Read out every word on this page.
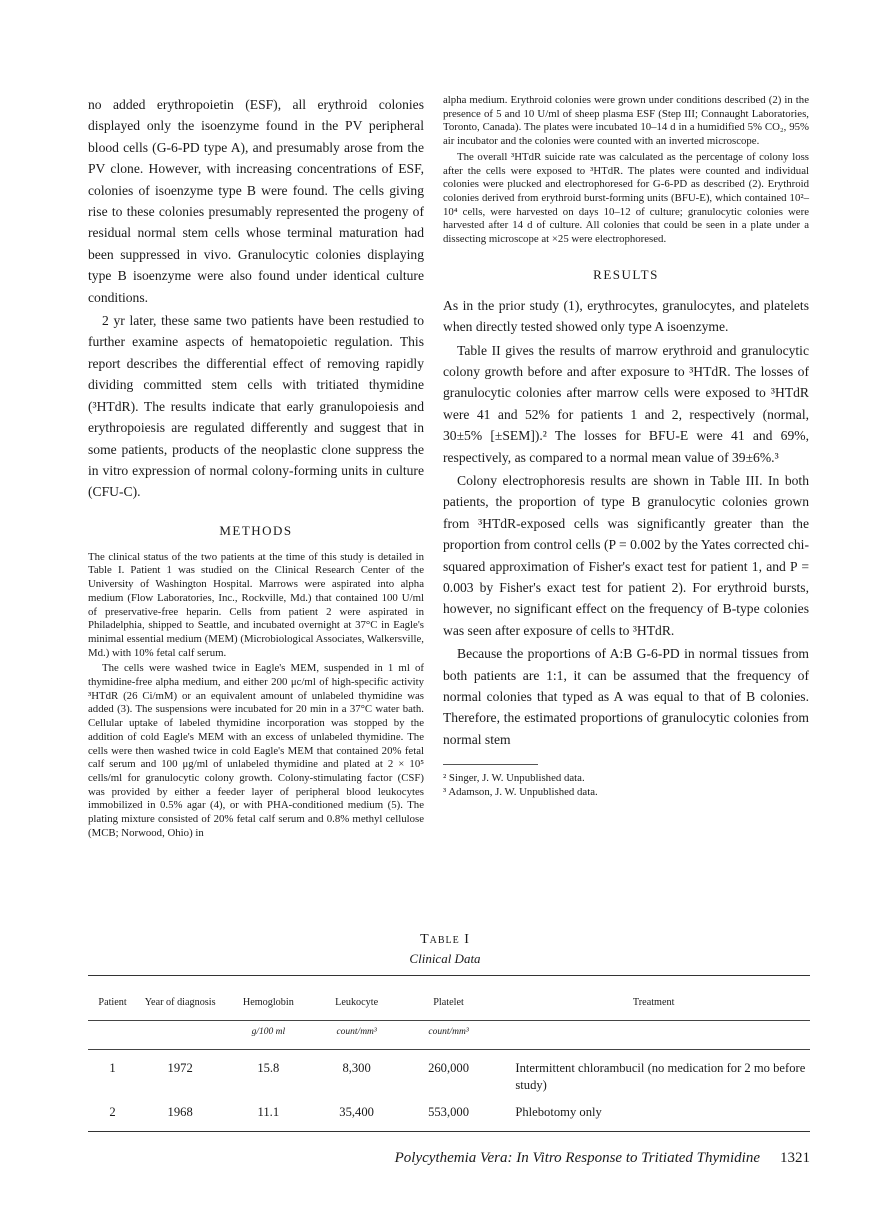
no added erythropoietin (ESF), all erythroid colonies displayed only the isoenzyme found in the PV peripheral blood cells (G-6-PD type A), and presumably arose from the PV clone. However, with increasing concentrations of ESF, colonies of isoenzyme type B were found. The cells giving rise to these colonies presumably represented the progeny of residual normal stem cells whose terminal maturation had been suppressed in vivo. Granulocytic colonies displaying type B isoenzyme were also found under identical culture conditions.

2 yr later, these same two patients have been restudied to further examine aspects of hematopoietic regulation. This report describes the differential effect of removing rapidly dividing committed stem cells with tritiated thymidine (³HTdR). The results indicate that early granulopoiesis and erythropoiesis are regulated differently and suggest that in some patients, products of the neoplastic clone suppress the in vitro expression of normal colony-forming units in culture (CFU-C).

METHODS

The clinical status of the two patients at the time of this study is detailed in Table I. Patient 1 was studied on the Clinical Research Center of the University of Washington Hospital. Marrows were aspirated into alpha medium (Flow Laboratories, Inc., Rockville, Md.) that contained 100 U/ml of preservative-free heparin. Cells from patient 2 were aspirated in Philadelphia, shipped to Seattle, and incubated overnight at 37°C in Eagle's minimal essential medium (MEM) (Microbiological Associates, Walkersville, Md.) with 10% fetal calf serum.

The cells were washed twice in Eagle's MEM, suspended in 1 ml of thymidine-free alpha medium, and either 200 μc/ml of high-specific activity ³HTdR (26 Ci/mM) or an equivalent amount of unlabeled thymidine was added (3). The suspensions were incubated for 20 min in a 37°C water bath. Cellular uptake of labeled thymidine incorporation was stopped by the addition of cold Eagle's MEM with an excess of unlabeled thymidine. The cells were then washed twice in cold Eagle's MEM that contained 20% fetal calf serum and 100 μg/ml of unlabeled thymidine and plated at 2 × 10⁵ cells/ml for granulocytic colony growth. Colony-stimulating factor (CSF) was provided by either a feeder layer of peripheral blood leukocytes immobilized in 0.5% agar (4), or with PHA-conditioned medium (5). The plating mixture consisted of 20% fetal calf serum and 0.8% methyl cellulose (MCB; Norwood, Ohio) in

alpha medium. Erythroid colonies were grown under conditions described (2) in the presence of 5 and 10 U/ml of sheep plasma ESF (Step III; Connaught Laboratories, Toronto, Canada). The plates were incubated 10–14 d in a humidified 5% CO₂, 95% air incubator and the colonies were counted with an inverted microscope.

The overall ³HTdR suicide rate was calculated as the percentage of colony loss after the cells were exposed to ³HTdR. The plates were counted and individual colonies were plucked and electrophoresed for G-6-PD as described (2). Erythroid colonies derived from erythroid burst-forming units (BFU-E), which contained 10²–10⁴ cells, were harvested on days 10–12 of culture; granulocytic colonies were harvested after 14 d of culture. All colonies that could be seen in a plate under a dissecting microscope at ×25 were electrophoresed.

RESULTS

As in the prior study (1), erythrocytes, granulocytes, and platelets when directly tested showed only type A isoenzyme.

Table II gives the results of marrow erythroid and granulocytic colony growth before and after exposure to ³HTdR. The losses of granulocytic colonies after marrow cells were exposed to ³HTdR were 41 and 52% for patients 1 and 2, respectively (normal, 30±5% [±SEM]).² The losses for BFU-E were 41 and 69%, respectively, as compared to a normal mean value of 39±6%.³

Colony electrophoresis results are shown in Table III. In both patients, the proportion of type B granulocytic colonies grown from ³HTdR-exposed cells was significantly greater than the proportion from control cells (P = 0.002 by the Yates corrected chi-squared approximation of Fisher's exact test for patient 1, and P = 0.003 by Fisher's exact test for patient 2). For erythroid bursts, however, no significant effect on the frequency of B-type colonies was seen after exposure of cells to ³HTdR.

Because the proportions of A:B G-6-PD in normal tissues from both patients are 1:1, it can be assumed that the frequency of normal colonies that typed as A was equal to that of B colonies. Therefore, the estimated proportions of granulocytic colonies from normal stem

² Singer, J. W. Unpublished data.
³ Adamson, J. W. Unpublished data.
Table I
Clinical Data
Patient	Year of diagnosis	Hemoglobin	Leukocyte	Platelet	Treatment
		g/100 ml	count/mm³	count/mm³	
1	1972	15.8	8,300	260,000	Intermittent chlorambucil (no medication for 2 mo before study)
2	1968	11.1	35,400	553,000	Phlebotomy only
Polycythemia Vera: In Vitro Response to Tritiated Thymidine 1321
